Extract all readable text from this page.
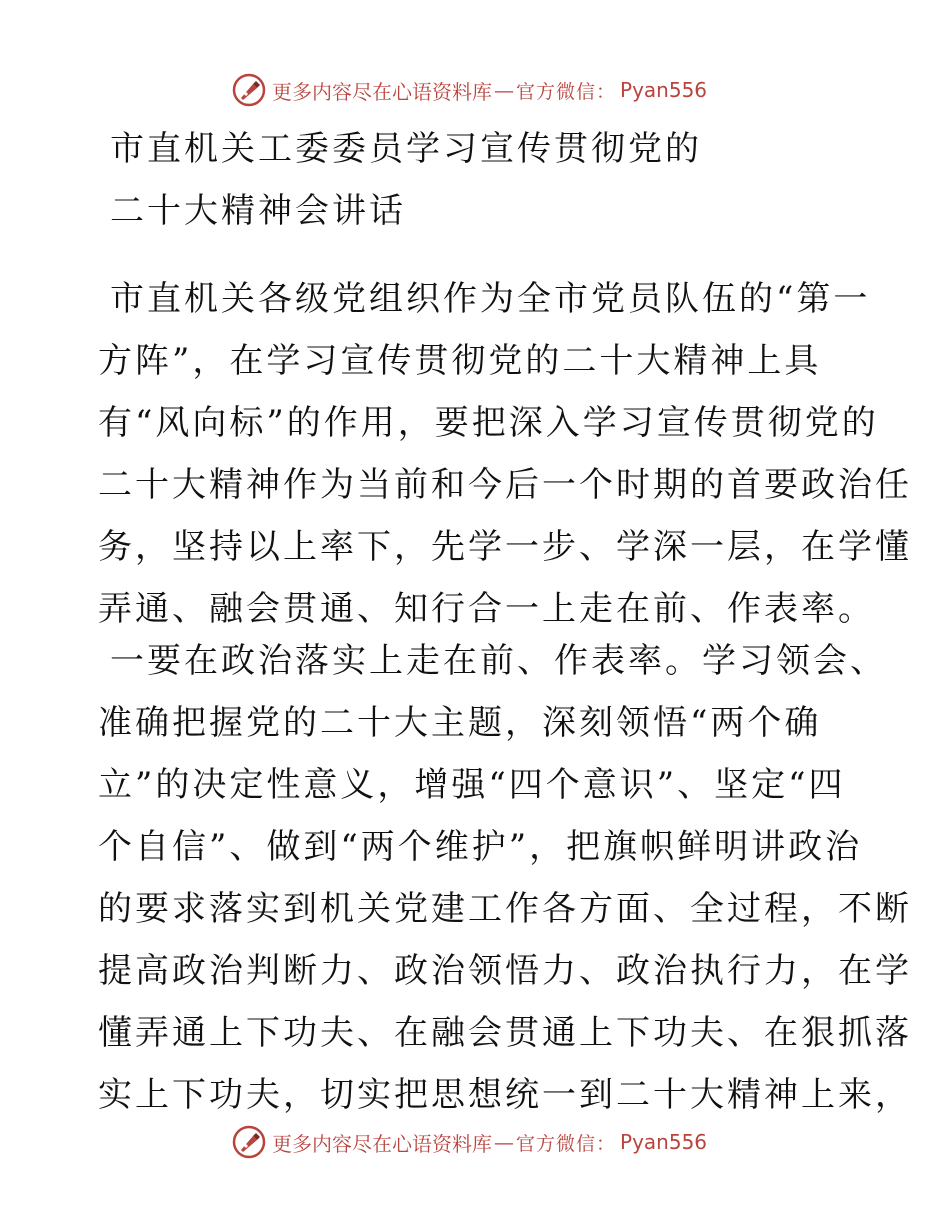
更多内容尽在心语资料库 — 官方微信： Pyan556
市直机关工委委员学习宣传贯彻党的
二十大精神会讲话
市直机关各级党组织作为全市党员队伍的“第一
方阵”，在学习宣传贯彻党的二十大精神上具
有“风向标”的作用，要把深入学习宣传贯彻党的
二十大精神作为当前和今后一个时期的首要政治任
务，坚持以上率下，先学一步、学深一层，在学懂
弄通、融会贯通、知行合一上走在前、作表率。
一要在政治落实上走在前、作表率。学习领会、
准确把握党的二十大主题，深刻领悟“两个确
立”的决定性意义，增强“四个意识”、坚定“四
个自信”、做到“两个维护”，把旗帜鲜明讲政治
的要求落实到机关党建工作各方面、全过程，不断
提高政治判断力、政治领悟力、政治执行力，在学
懂弄通上下功夫、在融会贯通上下功夫、在狠抓落
实上下功夫，切实把思想统一到二十大精神上来，
更多内容尽在心语资料库 — 官方微信： Pyan556
